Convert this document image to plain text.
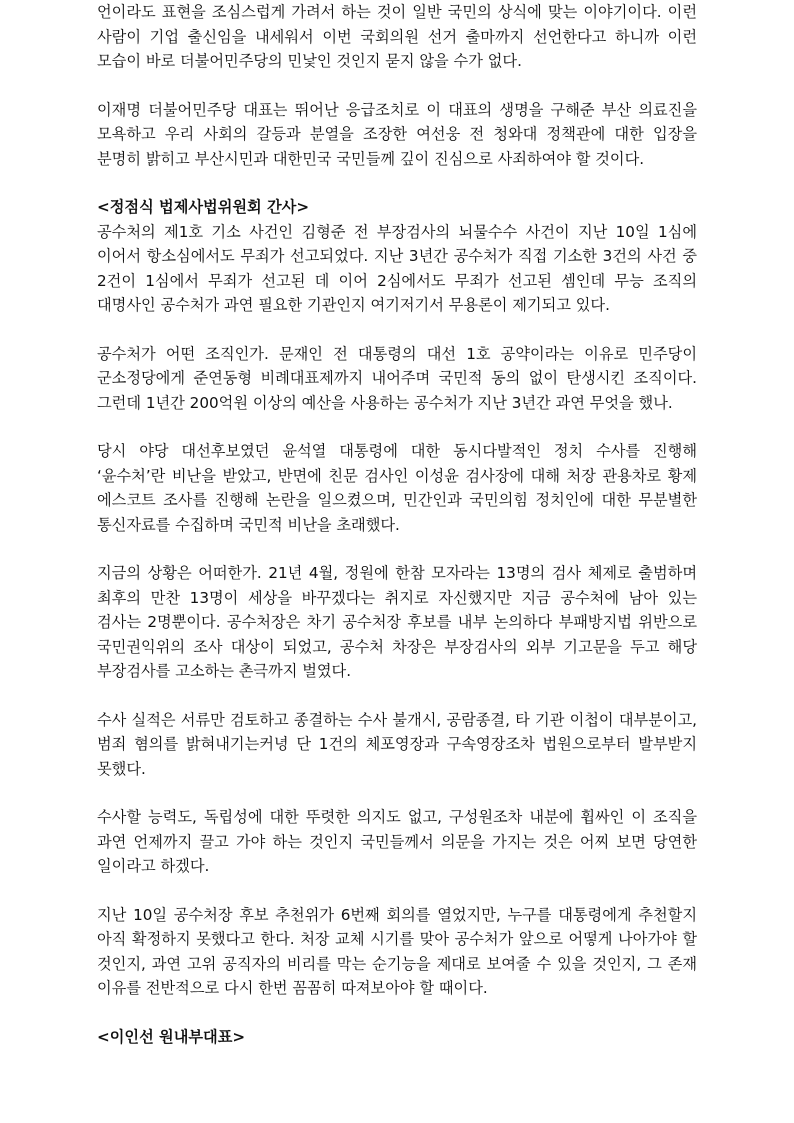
언이라도 표현을 조심스럽게 가려서 하는 것이 일반 국민의 상식에 맞는 이야기이다. 이런 사람이 기업 출신임을 내세워서 이번 국회의원 선거 출마까지 선언한다고 하니까 이런 모습이 바로 더불어민주당의 민낯인 것인지 묻지 않을 수가 없다.

이재명 더불어민주당 대표는 뛰어난 응급조치로 이 대표의 생명을 구해준 부산 의료진을 모욕하고 우리 사회의 갈등과 분열을 조장한 여선웅 전 청와대 정책관에 대한 입장을 분명히 밝히고 부산시민과 대한민국 국민들께 깊이 진심으로 사죄하여야 할 것이다.

<정점식 법제사법위원회 간사>

공수처의 제1호 기소 사건인 김형준 전 부장검사의 뇌물수수 사건이 지난 10일 1심에 이어서 항소심에서도 무죄가 선고되었다. 지난 3년간 공수처가 직접 기소한 3건의 사건 중 2건이 1심에서 무죄가 선고된 데 이어 2심에서도 무죄가 선고된 셈인데 무능 조직의 대명사인 공수처가 과연 필요한 기관인지 여기저기서 무용론이 제기되고 있다.

공수처가 어떤 조직인가. 문재인 전 대통령의 대선 1호 공약이라는 이유로 민주당이 군소정당에게 준연동형 비례대표제까지 내어주며 국민적 동의 없이 탄생시킨 조직이다. 그런데 1년간 200억원 이상의 예산을 사용하는 공수처가 지난 3년간 과연 무엇을 했나.

당시 야당 대선후보였던 윤석열 대통령에 대한 동시다발적인 정치 수사를 진행해 ‘윤수처’란 비난을 받았고, 반면에 친문 검사인 이성윤 검사장에 대해 처장 관용차로 황제 에스코트 조사를 진행해 논란을 일으켰으며, 민간인과 국민의힘 정치인에 대한 무분별한 통신자료를 수집하며 국민적 비난을 초래했다.

지금의 상황은 어떠한가. 21년 4월, 정원에 한참 모자라는 13명의 검사 체제로 출범하며 최후의 만찬 13명이 세상을 바꾸겠다는 취지로 자신했지만 지금 공수처에 남아 있는 검사는 2명뿐이다. 공수처장은 차기 공수처장 후보를 내부 논의하다 부패방지법 위반으로 국민권익위의 조사 대상이 되었고, 공수처 차장은 부장검사의 외부 기고문을 두고 해당 부장검사를 고소하는 촌극까지 벌였다.

수사 실적은 서류만 검토하고 종결하는 수사 불개시, 공람종결, 타 기관 이첩이 대부분이고, 범죄 혐의를 밝혀내기는커녕 단 1건의 체포영장과 구속영장조차 법원으로부터 발부받지 못했다.

수사할 능력도, 독립성에 대한 뚜렷한 의지도 없고, 구성원조차 내분에 휩싸인 이 조직을 과연 언제까지 끌고 가야 하는 것인지 국민들께서 의문을 가지는 것은 어찌 보면 당연한 일이라고 하겠다.

지난 10일 공수처장 후보 추천위가 6번째 회의를 열었지만, 누구를 대통령에게 추천할지 아직 확정하지 못했다고 한다. 처장 교체 시기를 맞아 공수처가 앞으로 어떻게 나아가야 할 것인지, 과연 고위 공직자의 비리를 막는 순기능을 제대로 보여줄 수 있을 것인지, 그 존재 이유를 전반적으로 다시 한번 꼼꼼히 따져보아야 할 때이다.

<이인선 원내부대표>
